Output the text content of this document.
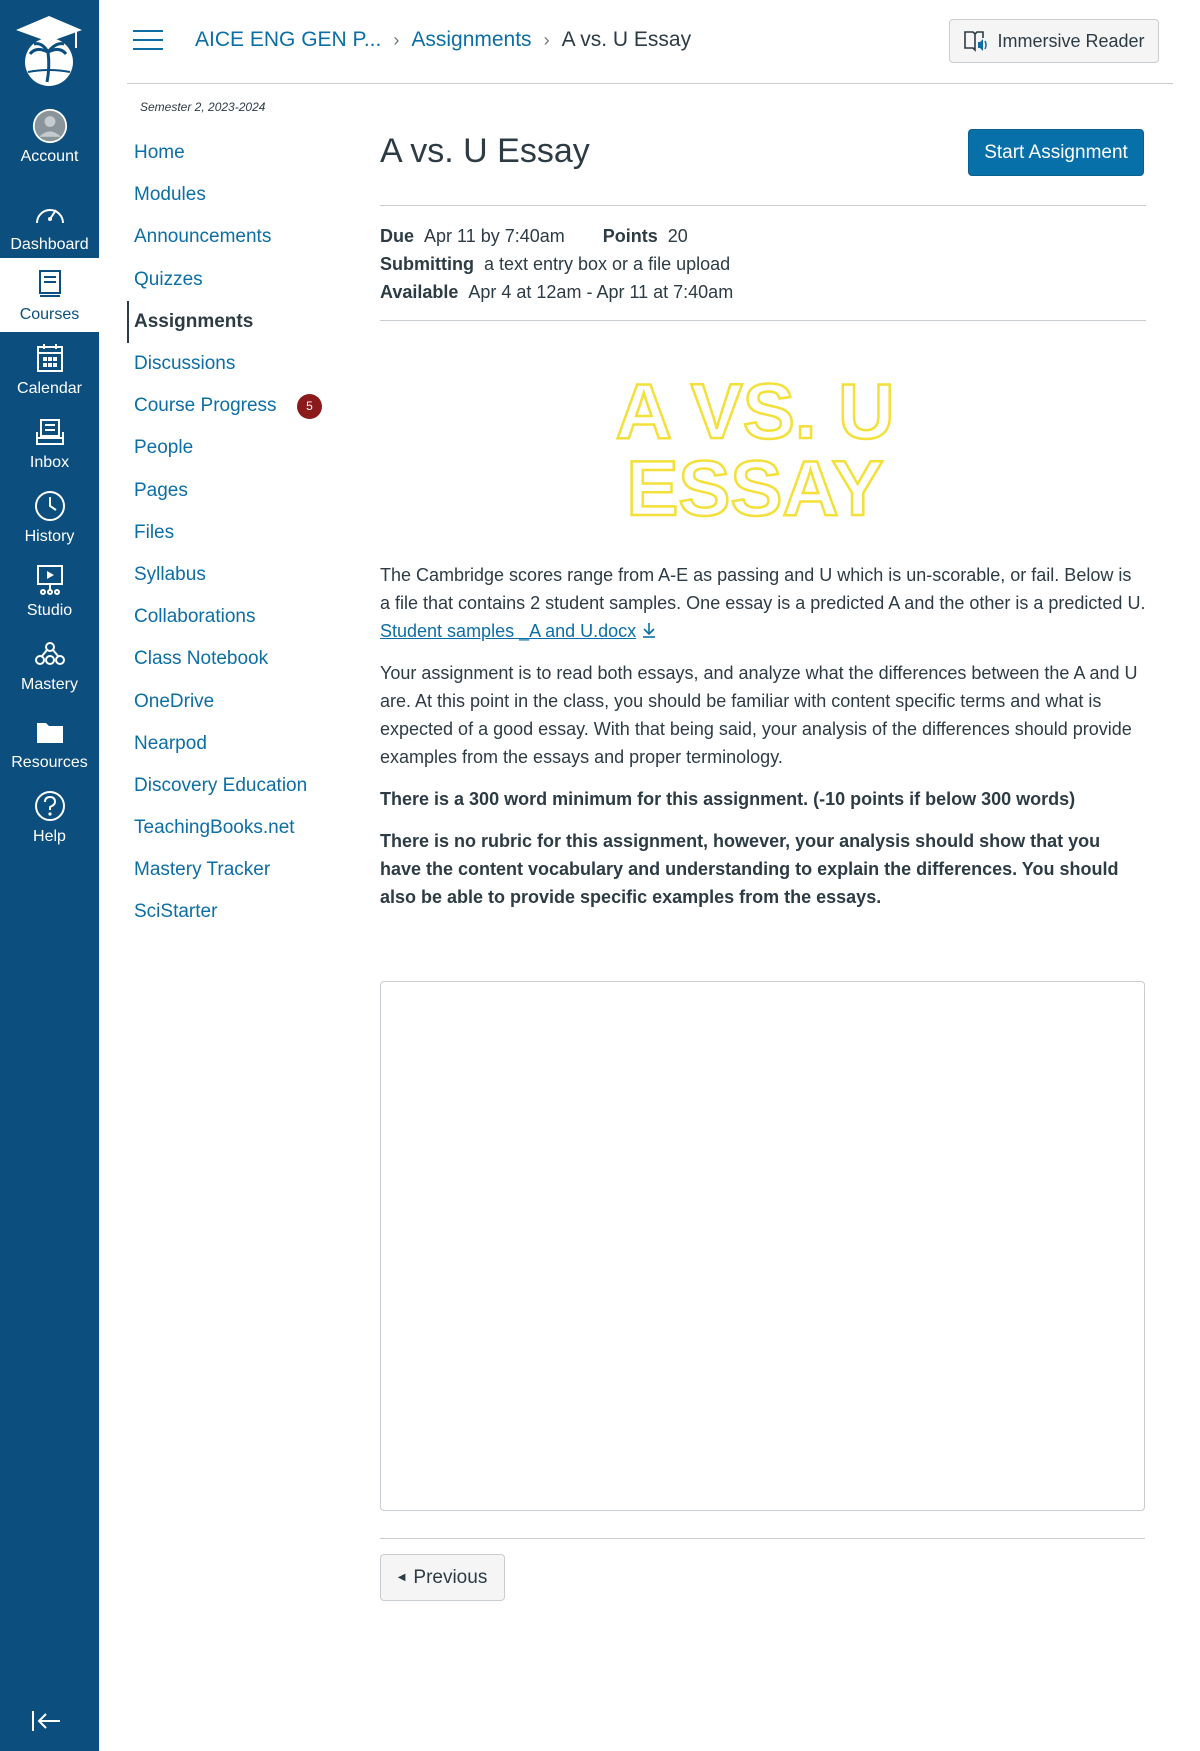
Account
Dashboard
Courses
Calendar
Inbox
History
Studio
Mastery
Resources
Help
AICE ENG GEN P... › Assignments › A vs. U Essay	Immersive Reader
Semester 2, 2023-2024
Home
Modules
Announcements
Quizzes
Assignments
Discussions
Course Progress	5
People
Pages
Files
Syllabus
Collaborations
Class Notebook
OneDrive
Nearpod
Discovery Education
TeachingBooks.net
Mastery Tracker
SciStarter
A vs. U Essay	Start Assignment
Due Apr 11 by 7:40am Points 20
Submitting a text entry box or a file upload
Available Apr 4 at 12am - Apr 11 at 7:40am
A VS. U
ESSAY

The Cambridge scores range from A-E as passing and U which is un-scorable, or fail. Below is a file that contains 2 student samples. One essay is a predicted A and the other is a predicted U. Student samples _A and U.docx

Your assignment is to read both essays, and analyze what the differences between the A and U are. At this point in the class, you should be familiar with content specific terms and what is expected of a good essay. With that being said, your analysis of the differences should provide examples from the essays and proper terminology.

There is a 300 word minimum for this assignment. (-10 points if below 300 words)

There is no rubric for this assignment, however, your analysis should show that you have the content vocabulary and understanding to explain the differences. You should also be able to provide specific examples from the essays.

◀ Previous
